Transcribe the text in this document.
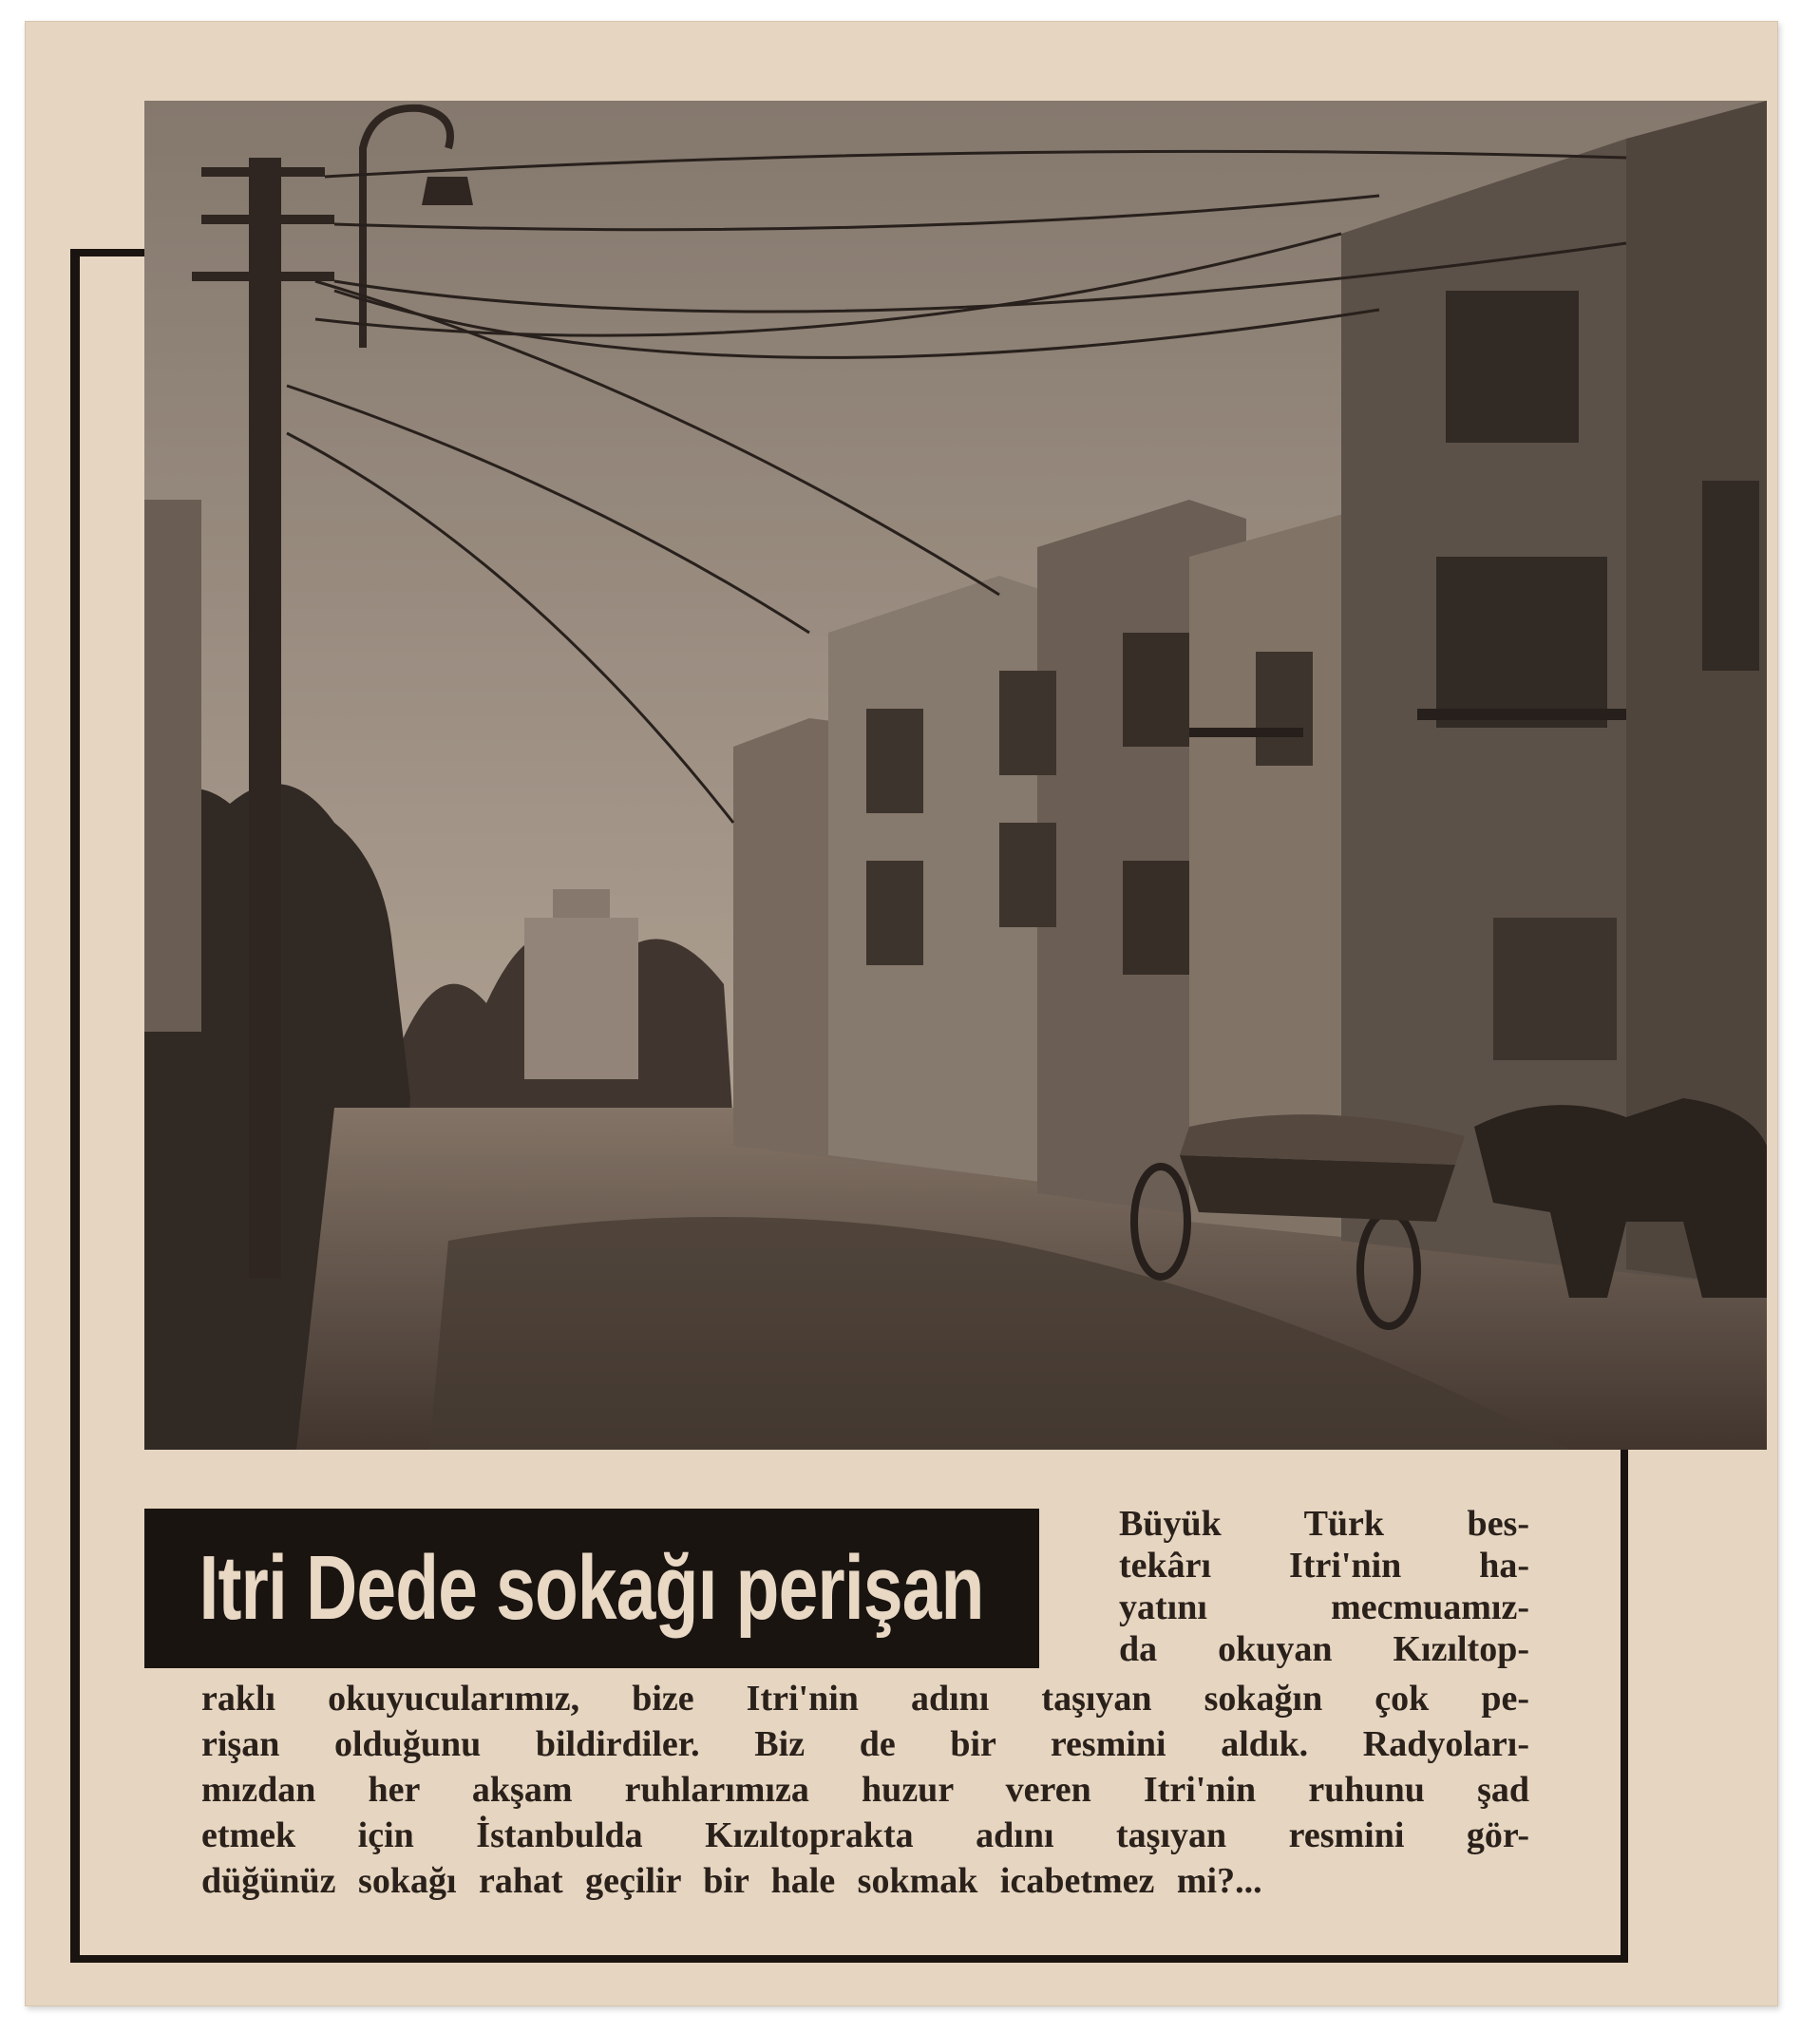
Itri Dede sokağı perişan
Büyük Türk bes-
tekârı Itri'nin ha-
yatını mecmuamız-
da okuyan Kızıltop-
raklı okuyucularımız, bize Itri'nin adını taşıyan sokağın çok pe-
rişan olduğunu bildirdiler. Biz de bir resmini aldık. Radyoları-
mızdan her akşam ruhlarımıza huzur veren Itri'nin ruhunu şad
etmek için İstanbulda Kızıltoprakta adını taşıyan resmini gör-
düğünüz sokağı rahat geçilir bir hale sokmak icabetmez mi?...
